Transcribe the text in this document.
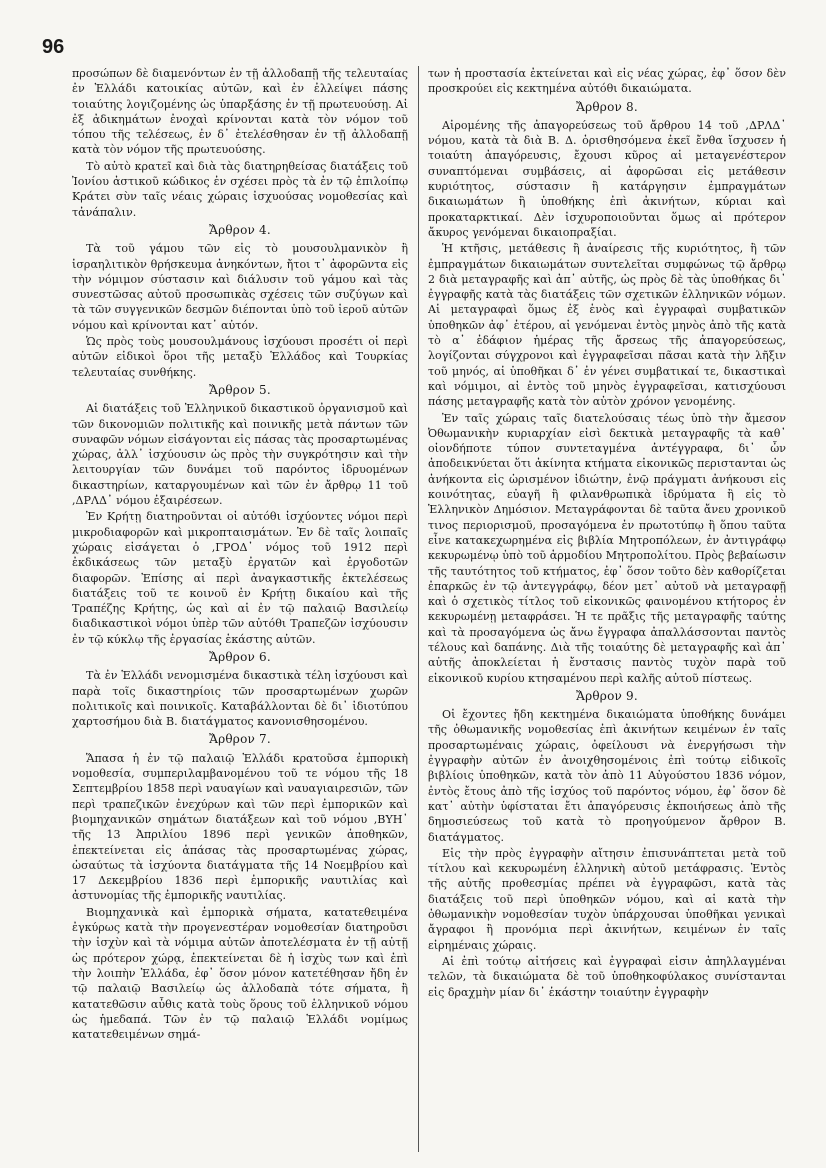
96

προσώπων δὲ διαμενόντων ἐν τῇ ἀλλοδαπῇ τῆς τελευταίας ἐν Ἑλλάδι κατοικίας αὐτῶν, καὶ ἐν ἐλλείψει πάσης τοιαύτης λογιζομένης ὡς ὑπαρξάσης ἐν τῇ πρωτευούσῃ. Αἱ ἐξ ἀδικημάτων ἐνοχαὶ κρίνονται κατὰ τὸν νόμον τοῦ τόπου τῆς τελέσεως, ἐν δ᾽ ἐτελέσθησαν ἐν τῇ ἀλλοδαπῇ κατὰ τὸν νόμον τῆς πρωτευούσης.

Τὸ αὐτὸ κρατεῖ καὶ διὰ τὰς διατηρηθείσας διατάξεις τοῦ Ἰονίου ἀστικοῦ κώδικος ἐν σχέσει πρὸς τὰ ἐν τῷ ἐπιλοίπῳ Κράτει σὺν ταῖς νέαις χώραις ἰσχυούσας νομοθεσίας καὶ τἀνάπαλιν.

Ἄρθρον 4.

Τὰ τοῦ γάμου τῶν εἰς τὸ μουσουλμανικὸν ἢ ἰσραηλιτικὸν θρήσκευμα ἀνηκόντων, ἤτοι τ᾽ ἀφορῶντα εἰς τὴν νόμιμον σύστασιν καὶ διάλυσιν τοῦ γάμου καὶ τὰς συνεστῶσας αὐτοῦ προσωπικὰς σχέσεις τῶν συζύγων καὶ τὰ τῶν συγγενικῶν δεσμῶν διέπονται ὑπὸ τοῦ ἱεροῦ αὐτῶν νόμου καὶ κρίνονται κατ᾽ αὐτόν.

Ὡς πρὸς τοὺς μουσουλμάνους ἰσχύουσι προσέτι οἱ περὶ αὐτῶν εἰδικοὶ ὅροι τῆς μεταξὺ Ἑλλάδος καὶ Τουρκίας τελευταίας συνθήκης.

Ἄρθρον 5.

Αἱ διατάξεις τοῦ Ἑλληνικοῦ δικαστικοῦ ὀργανισμοῦ καὶ τῶν δικονομιῶν πολιτικῆς καὶ ποινικῆς μετὰ πάντων τῶν συναφῶν νόμων εἰσάγονται εἰς πάσας τὰς προσαρτωμένας χώρας, ἀλλ᾽ ἰσχύουσιν ὡς πρὸς τὴν συγκρότησιν καὶ τὴν λειτουργίαν τῶν δυνάμει τοῦ παρόντος ἱδρυομένων δικαστηρίων, καταργουμένων καὶ τῶν ἐν ἄρθρῳ 11 τοῦ ,ΔΡΛΔ᾽ νόμου ἐξαιρέσεων.

Ἐν Κρήτῃ διατηροῦνται οἱ αὐτόθι ἰσχύοντες νόμοι περὶ μικροδιαφορῶν καὶ μικροπταισμάτων. Ἐν δὲ ταῖς λοιπαῖς χώραις εἰσάγεται ὁ ,ΓΡΟΔ᾽ νόμος τοῦ 1912 περὶ ἐκδικάσεως τῶν μεταξὺ ἐργατῶν καὶ ἐργοδοτῶν διαφορῶν. Ἐπίσης αἱ περὶ ἀναγκαστικῆς ἐκτελέσεως διατάξεις τοῦ τε κοινοῦ ἐν Κρήτῃ δικαίου καὶ τῆς Τραπέζης Κρήτης, ὡς καὶ αἱ ἐν τῷ παλαιῷ Βασιλείῳ διαδικαστικοὶ νόμοι ὑπὲρ τῶν αὐτόθι Τραπεζῶν ἰσχύουσιν ἐν τῷ κύκλῳ τῆς ἐργασίας ἑκάστης αὐτῶν.

Ἄρθρον 6.

Τὰ ἐν Ἑλλάδι νενομισμένα δικαστικὰ τέλη ἰσχύουσι καὶ παρὰ τοῖς δικαστηρίοις τῶν προσαρτωμένων χωρῶν πολιτικοῖς καὶ ποινικοῖς. Καταβάλλονται δὲ δι᾽ ἰδιοτύπου χαρτοσήμου διὰ Β. διατάγματος κανονισθησομένου.

Ἄρθρον 7.

Ἅπασα ἡ ἐν τῷ παλαιῷ Ἑλλάδι κρατοῦσα ἐμπορικὴ νομοθεσία, συμπεριλαμβανομένου τοῦ τε νόμου τῆς 18 Σεπτεμβρίου 1858 περὶ ναυαγίων καὶ ναυαγιαιρεσιῶν, τῶν περὶ τραπεζικῶν ἐνεχύρων καὶ τῶν περὶ ἐμπορικῶν καὶ βιομηχανικῶν σημάτων διατάξεων καὶ τοῦ νόμου ,ΒΥΗ᾽ τῆς 13 Ἀπριλίου 1896 περὶ γενικῶν ἀποθηκῶν, ἐπεκτείνεται εἰς ἁπάσας τὰς προσαρτωμένας χώρας, ὡσαύτως τὰ ἰσχύοντα διατάγματα τῆς 14 Νοεμβρίου καὶ 17 Δεκεμβρίου 1836 περὶ ἐμπορικῆς ναυτιλίας καὶ ἀστυνομίας τῆς ἐμπορικῆς ναυτιλίας.

Βιομηχανικὰ καὶ ἐμπορικὰ σήματα, κατατεθειμένα ἐγκύρως κατὰ τὴν προγενεστέραν νομοθεσίαν διατηροῦσι τὴν ἰσχὺν καὶ τὰ νόμιμα αὐτῶν ἀποτελέσματα ἐν τῇ αὐτῇ ὡς πρότερον χώρᾳ, ἐπεκτείνεται δὲ ἡ ἰσχὺς των καὶ ἐπὶ τὴν λοιπὴν Ἑλλάδα, ἐφ᾽ ὅσον μόνον κατετέθησαν ἤδη ἐν τῷ παλαιῷ Βασιλείῳ ὡς ἀλλοδαπὰ τότε σήματα, ἢ κατατεθῶσιν αὖθις κατὰ τοὺς ὅρους τοῦ ἑλληνικοῦ νόμου ὡς ἡμεδαπά. Τῶν ἐν τῷ παλαιῷ Ἑλλάδι νομίμως κατατεθειμένων σημά-

των ἡ προστασία ἐκτείνεται καὶ εἰς νέας χώρας, ἐφ᾽ ὅσον δὲν προσκρούει εἰς κεκτημένα αὐτόθι δικαιώματα.

Ἄρθρον 8.

Αἰρομένης τῆς ἀπαγορεύσεως τοῦ ἄρθρου 14 τοῦ ,ΔΡΛΔ᾽ νόμου, κατὰ τὰ διὰ Β. Δ. ὁρισθησόμενα ἐκεῖ ἔνθα ἴσχυσεν ἡ τοιαύτη ἀπαγόρευσις, ἔχουσι κῦρος αἱ μεταγενέστερον συναπτόμεναι συμβάσεις, αἱ ἀφορῶσαι εἰς μετάθεσιν κυριότητος, σύστασιν ἢ κατάργησιν ἐμπραγμάτων δικαιωμάτων ἢ ὑποθήκης ἐπὶ ἀκινήτων, κύριαι καὶ προκαταρκτικαί. Δὲν ἰσχυροποιοῦνται ὅμως αἱ πρότερον ἄκυρος γενόμεναι δικαιοπραξίαι.

Ἡ κτῆσις, μετάθεσις ἢ ἀναίρεσις τῆς κυριότητος, ἢ τῶν ἐμπραγμάτων δικαιωμάτων συντελεῖται συμφώνως τῷ ἄρθρῳ 2 διὰ μεταγραφῆς καὶ ἀπ᾽ αὐτῆς, ὡς πρὸς δὲ τὰς ὑποθήκας δι᾽ ἐγγραφῆς κατὰ τὰς διατάξεις τῶν σχετικῶν ἑλληνικῶν νόμων. Αἱ μεταγραφαὶ ὅμως ἐξ ἑνὸς καὶ ἐγγραφαὶ συμβατικῶν ὑποθηκῶν ἀφ᾽ ἑτέρου, αἱ γενόμεναι ἐντὸς μηνὸς ἀπὸ τῆς κατὰ τὸ α᾽ ἐδάφιον ἡμέρας τῆς ἄρσεως τῆς ἀπαγορεύσεως, λογίζονται σύγχρονοι καὶ ἐγγραφεῖσαι πᾶσαι κατὰ τὴν λῆξιν τοῦ μηνός, αἱ ὑποθῆκαι δ᾽ ἐν γένει συμβατικαί τε, δικαστικαὶ καὶ νόμιμοι, αἱ ἐντὸς τοῦ μηνὸς ἐγγραφεῖσαι, κατισχύουσι πάσης μεταγραφῆς κατὰ τὸν αὐτὸν χρόνον γενομένης.

Ἐν ταῖς χώραις ταῖς διατελούσαις τέως ὑπὸ τὴν ἄμεσον Ὀθωμανικὴν κυριαρχίαν εἰσὶ δεκτικὰ μεταγραφῆς τὰ καθ᾽ οἱονδήποτε τύπον συντεταγμένα ἀντέγγραφα, δι᾽ ὧν ἀποδεικνύεται ὅτι ἀκίνητα κτήματα εἰκονικῶς περιστανται ὡς ἀνήκοντα εἰς ὡρισμένον ἰδιώτην, ἐνῷ πράγματι ἀνήκουσι εἰς κοινότητας, εὐαγῆ ἢ φιλανθρωπικὰ ἱδρύματα ἢ εἰς τὸ Ἑλληνικὸν Δημόσιον. Μεταγράφονται δὲ ταῦτα ἄνευ χρονικοῦ τινος περιορισμοῦ, προσαγόμενα ἐν πρωτοτύπῳ ἢ ὅπου ταῦτα εἶνε κατακεχωρημένα εἰς βιβλία Μητροπόλεων, ἐν ἀντιγράφῳ κεκυρωμένῳ ὑπὸ τοῦ ἁρμοδίου Μητροπολίτου. Πρὸς βεβαίωσιν τῆς ταυτότητος τοῦ κτήματος, ἐφ᾽ ὅσον τοῦτο δὲν καθορίζεται ἐπαρκῶς ἐν τῷ ἀντεγγράφῳ, δέον μετ᾽ αὐτοῦ νὰ μεταγραφῇ καὶ ὁ σχετικὸς τίτλος τοῦ εἰκονικῶς φαινομένου κτήτορος ἐν κεκυρωμένῃ μεταφράσει. Ἡ τε πρᾶξις τῆς μεταγραφῆς ταύτης καὶ τὰ προσαγόμενα ὡς ἄνω ἔγγραφα ἀπαλλάσσονται παντὸς τέλους καὶ δαπάνης. Διὰ τῆς τοιαύτης δὲ μεταγραφῆς καὶ ἀπ᾽ αὐτῆς ἀποκλείεται ἡ ἔνστασις παντὸς τυχὸν παρὰ τοῦ εἰκονικοῦ κυρίου κτησαμένου περὶ καλῆς αὐτοῦ πίστεως.

Ἄρθρον 9.

Οἱ ἔχοντες ἤδη κεκτημένα δικαιώματα ὑποθήκης δυνάμει τῆς ὀθωμανικῆς νομοθεσίας ἐπὶ ἀκινήτων κειμένων ἐν ταῖς προσαρτωμέναις χώραις, ὀφείλουσι νὰ ἐνεργήσωσι τὴν ἐγγραφὴν αὐτῶν ἐν ἀνοιχθησομένοις ἐπὶ τούτῳ εἰδικοῖς βιβλίοις ὑποθηκῶν, κατὰ τὸν ἀπὸ 11 Αὐγούστου 1836 νόμον, ἐντὸς ἔτους ἀπὸ τῆς ἰσχύος τοῦ παρόντος νόμου, ἐφ᾽ ὅσον δὲ κατ᾽ αὐτὴν ὑφίσταται ἔτι ἀπαγόρευσις ἐκποιήσεως ἀπὸ τῆς δημοσιεύσεως τοῦ κατὰ τὸ προηγούμενον ἄρθρον Β. διατάγματος.

Εἰς τὴν πρὸς ἐγγραφὴν αἴτησιν ἐπισυνάπτεται μετὰ τοῦ τίτλου καὶ κεκυρωμένη ἑλληνικὴ αὐτοῦ μετάφρασις. Ἐντὸς τῆς αὐτῆς προθεσμίας πρέπει νὰ ἐγγραφῶσι, κατὰ τὰς διατάξεις τοῦ περὶ ὑποθηκῶν νόμου, καὶ αἱ κατὰ τὴν ὀθωμανικὴν νομοθεσίαν τυχὸν ὑπάρχουσαι ὑποθῆκαι γενικαὶ ἄγραφοι ἢ προνόμια περὶ ἀκινήτων, κειμένων ἐν ταῖς εἰρημέναις χώραις.

Αἱ ἐπὶ τούτῳ αἰτήσεις καὶ ἐγγραφαὶ εἰσιν ἀπηλλαγμέναι τελῶν, τὰ δικαιώματα δὲ τοῦ ὑποθηκοφύλακος συνίστανται εἰς δραχμὴν μίαν δι᾽ ἑκάστην τοιαύτην ἐγγραφὴν
